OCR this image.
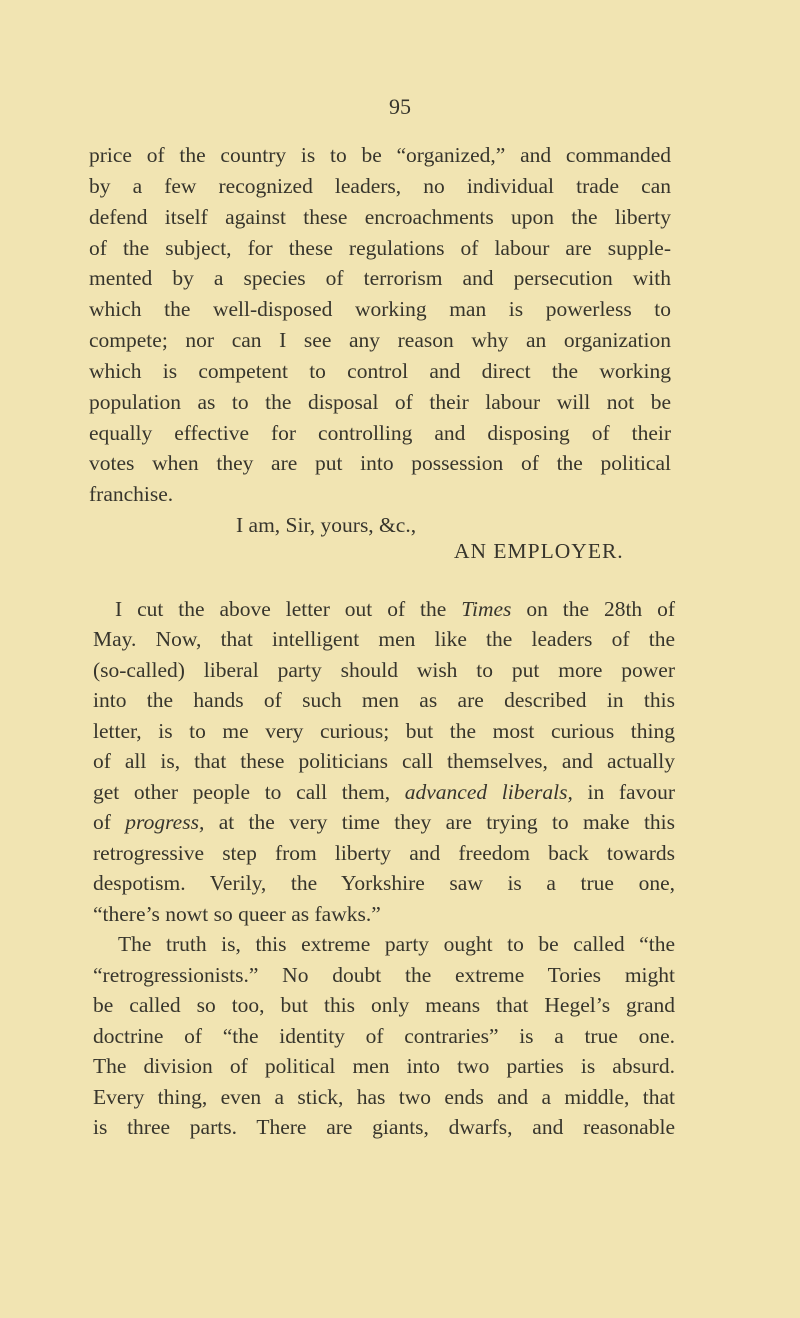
95
price of the country is to be “organized,” and commanded
by a few recognized leaders, no individual trade can
defend itself against these encroachments upon the liberty
of the subject, for these regulations of labour are supple-
mented by a species of terrorism and persecution with
which the well-disposed working man is powerless to
compete; nor can I see any reason why an organization
which is competent to control and direct the working
population as to the disposal of their labour will not be
equally effective for controlling and disposing of their
votes when they are put into possession of the political
franchise.
I am, Sir, yours, &c.,
AN EMPLOYER.
I cut the above letter out of the Times on the 28th of
May. Now, that intelligent men like the leaders of the
(so-called) liberal party should wish to put more power
into the hands of such men as are described in this
letter, is to me very curious; but the most curious thing
of all is, that these politicians call themselves, and actually
get other people to call them, advanced liberals, in favour
of progress, at the very time they are trying to make this
retrogressive step from liberty and freedom back towards
despotism. Verily, the Yorkshire saw is a true one,
“there’s nowt so queer as fawks.”
The truth is, this extreme party ought to be called “the
“retrogressionists.” No doubt the extreme Tories might
be called so too, but this only means that Hegel’s grand
doctrine of “the identity of contraries” is a true one.
The division of political men into two parties is absurd.
Every thing, even a stick, has two ends and a middle, that
is three parts. There are giants, dwarfs, and reasonable
